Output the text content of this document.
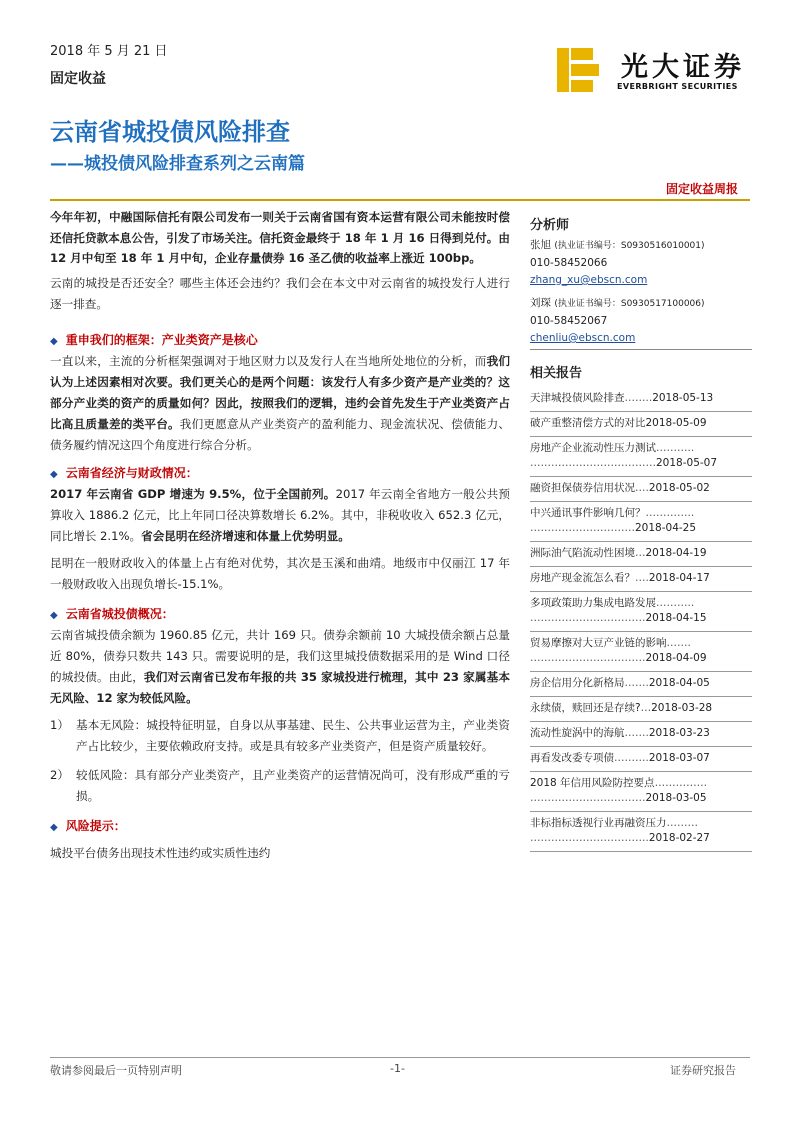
2018 年 5 月 21 日
固定收益	光大证券
EVERBRIGHT SECURITIES
云南省城投债风险排查
——城投债风险排查系列之云南篇
固定收益周报

今年年初，中融国际信托有限公司发布一则关于云南省国有资本运营有限公司未能按时偿还信托贷款本息公告，引发了市场关注。信托资金最终于 18 年 1 月 16 日得到兑付。由 12 月中旬至 18 年 1 月中旬，企业存量债券 16 圣乙债的收益率上涨近 100bp。

云南的城投是否还安全？哪些主体还会违约？我们会在本文中对云南省的城投发行人进行逐一排查。

◆ 重申我们的框架：产业类资产是核心

一直以来，主流的分析框架强调对于地区财力以及发行人在当地所处地位的分析，而我们认为上述因素相对次要。我们更关心的是两个问题：该发行人有多少资产是产业类的？这部分产业类的资产的质量如何？因此，按照我们的逻辑，违约会首先发生于产业类资产占比高且质量差的类平台。我们更愿意从产业类资产的盈利能力、现金流状况、偿债能力、债务履约情况这四个角度进行综合分析。

◆ 云南省经济与财政情况：

2017 年云南省 GDP 增速为 9.5%，位于全国前列。2017 年云南全省地方一般公共预算收入 1886.2 亿元，比上年同口径决算数增长 6.2%。其中，非税收收入 652.3 亿元，同比增长 2.1%。省会昆明在经济增速和体量上优势明显。

昆明在一般财政收入的体量上占有绝对优势，其次是玉溪和曲靖。地级市中仅丽江 17 年一般财政收入出现负增长-15.1%。

◆ 云南省城投债概况：

云南省城投债余额为 1960.85 亿元，共计 169 只。债券余额前 10 大城投债余额占总量近 80%，债券只数共 143 只。需要说明的是，我们这里城投债数据采用的是 Wind 口径的城投债。由此，我们对云南省已发布年报的共 35 家城投进行梳理，其中 23 家属基本无风险、12 家为较低风险。

1） 基本无风险：城投特征明显，自身以从事基建、民生、公共事业运营为主，产业类资产占比较少，主要依赖政府支持。或是具有较多产业类资产，但是资产质量较好。
2） 较低风险：具有部分产业类资产，且产业类资产的运营情况尚可，没有形成严重的亏损。

◆ 风险提示：

城投平台债务出现技术性违约或实质性违约

分析师

张旭 (执业证书编号：S0930516010001)
010-58452066
zhang_xu@ebscn.com
刘琛 (执业证书编号：S0930517100006)
010-58452067
chenliu@ebscn.com

相关报告

天津城投债风险排查……..2018-05-13
破产重整清偿方式的对比2018-05-09
房地产企业流动性压力测试……….. ………………………………2018-05-07
融资担保债券信用状况….2018-05-02
中兴通讯事件影响几何？………….. …………………………2018-04-25
洲际油气陷流动性困境…2018-04-19
房地产现金流怎么看？….2018-04-17
多项政策助力集成电路发展……….. ……………………………2018-04-15
贸易摩擦对大豆产业链的影响……. ……………………………2018-04-09
房企信用分化新格局…….2018-04-05
永续债，赎回还是存续?…2018-03-28
流动性旋涡中的海航…….2018-03-23
再看发改委专项债……….2018-03-07
2018 年信用风险防控要点…………… ……………………………2018-03-05
非标指标透视行业再融资压力……… …………………………….2018-02-27
敬请参阅最后一页特别声明	-1-	证券研究报告
